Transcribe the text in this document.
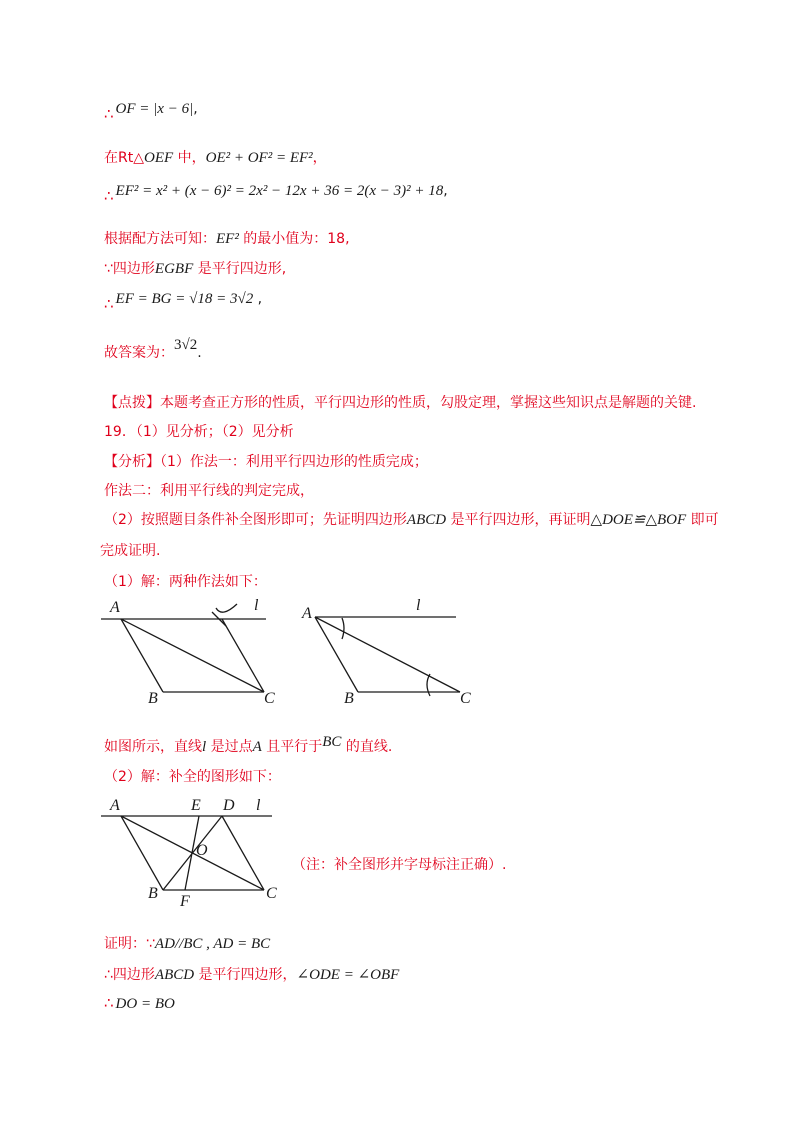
∴ OF = |x − 6|,
在Rt△OEF 中，OE² + OF² = EF²，
∴ EF² = x² + (x − 6)² = 2x² − 12x + 36 = 2(x − 3)² + 18,
根据配方法可知：EF² 的最小值为：18,
∵四边形EGBF 是平行四边形,
∴ EF = BG = √18 = 3√2 ,
故答案为：3√2.
【点拨】本题考查正方形的性质，平行四边形的性质，勾股定理，掌握这些知识点是解题的关键.
19．（1）见分析；（2）见分析
【分析】（1）作法一：利用平行四边形的性质完成；
作法二：利用平行线的判定完成，
（2）按照题目条件补全图形即可；先证明四边形ABCD 是平行四边形，再证明△DOE≌△BOF 即可
完成证明.
（1）解：两种作法如下：
A	l
B	C
A	l
B	C
如图所示，直线l 是过点A 且平行于BC 的直线.
（2）解：补全的图形如下：
A	E D l
O
B F	C
（注：补全图形并字母标注正确）.
证明：∵AD//BC , AD = BC
∴四边形ABCD 是平行四边形，∠ODE = ∠OBF
∴ DO = BO
